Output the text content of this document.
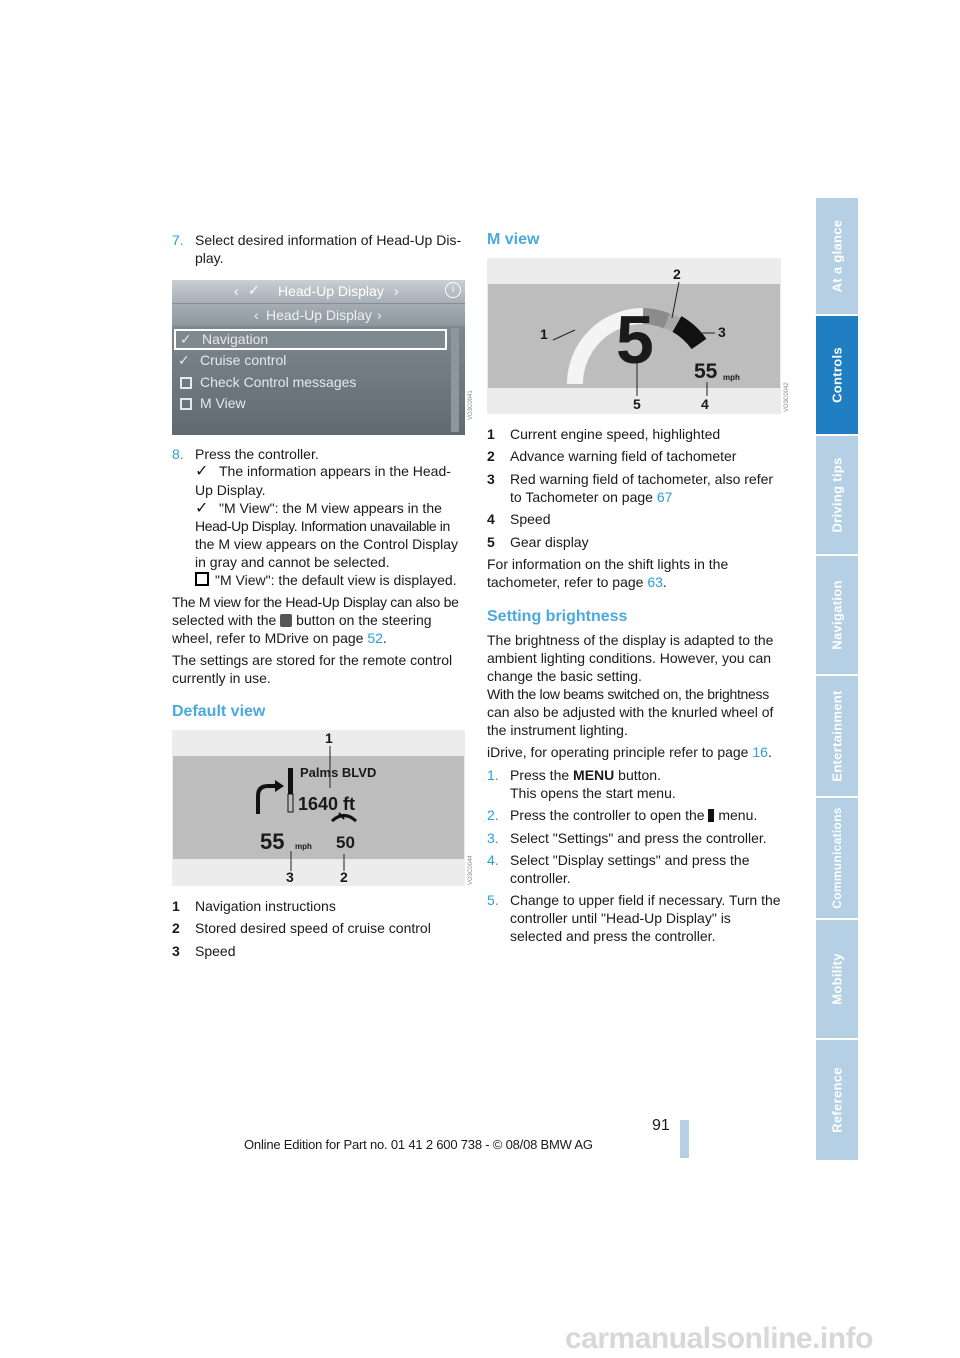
7. Select desired information of Head-Up Dis-
play.
‹ ✓ Head-Up Display ›	i
‹ Head-Up Display ›
✓ Navigation
✓ Cruise control
Check Control messages
M View	VO3C0041
8. Press the controller.
✓ The information appears in the Head-
Up Display.
✓ "M View": the M view appears in the
Head-Up Display. Information unavailable in
the M view appears on the Control Display
in gray and cannot be selected.
"M View": the default view is displayed.
The M view for the Head-Up Display can also be
selected with the button on the steering
wheel, refer to MDrive on page 52.
The settings are stored for the remote control
currently in use.
Default view
1
Palms BLVD
1640 ft
55 mph 50
3	2	VO3C0044
1 Navigation instructions
2 Stored desired speed of cruise control
3 Speed
M view
2
1	3
5 55 mph
5	4	VO3C0042
1 Current engine speed, highlighted
2 Advance warning field of tachometer
3 Red warning field of tachometer, also refer
to Tachometer on page 67
4 Speed
5 Gear display
For information on the shift lights in the
tachometer, refer to page 63.
Setting brightness
The brightness of the display is adapted to the
ambient lighting conditions. However, you can
change the basic setting.
With the low beams switched on, the brightness
can also be adjusted with the knurled wheel of
the instrument lighting.
iDrive, for operating principle refer to page 16.
1. Press the MENU button.
This opens the start menu.
2. Press the controller to open the menu.
3. Select "Settings" and press the controller.
4. Select "Display settings" and press the
controller.
5. Change to upper field if necessary. Turn the
controller until "Head-Up Display" is
selected and press the controller.
At a glance
Controls
Driving tips
Navigation
Entertainment
Communications
Mobility
Reference
91
Online Edition for Part no. 01 41 2 600 738 - © 08/08 BMW AG
carmanualsonline.info
